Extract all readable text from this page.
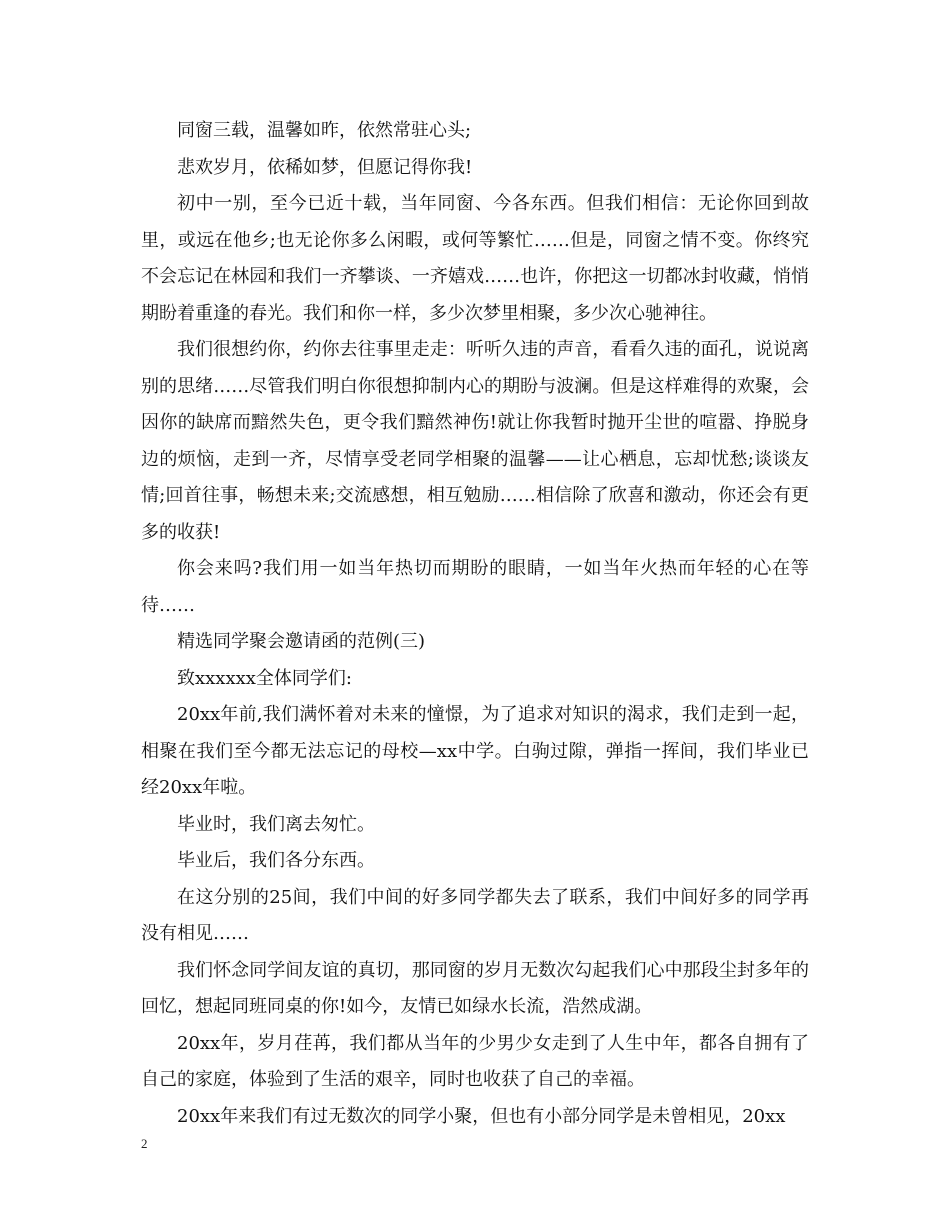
同窗三载，温馨如昨，依然常驻心头;

悲欢岁月，依稀如梦，但愿记得你我!

初中一别，至今已近十载，当年同窗、今各东西。但我们相信：无论你回到故里，或远在他乡;也无论你多么闲暇，或何等繁忙……但是，同窗之情不变。你终究不会忘记在林园和我们一齐攀谈、一齐嬉戏……也许，你把这一切都冰封收藏，悄悄期盼着重逢的春光。我们和你一样，多少次梦里相聚，多少次心驰神往。

我们很想约你，约你去往事里走走：听听久违的声音，看看久违的面孔，说说离别的思绪……尽管我们明白你很想抑制内心的期盼与波澜。但是这样难得的欢聚，会因你的缺席而黯然失色，更令我们黯然神伤!就让你我暂时抛开尘世的喧嚣、挣脱身边的烦恼，走到一齐，尽情享受老同学相聚的温馨——让心栖息，忘却忧愁;谈谈友情;回首往事，畅想未来;交流感想，相互勉励……相信除了欣喜和激动，你还会有更多的收获!

你会来吗?我们用一如当年热切而期盼的眼睛，一如当年火热而年轻的心在等待……

精选同学聚会邀请函的范例(三)

致xxxxxx全体同学们:

20xx年前,我们满怀着对未来的憧憬，为了追求对知识的渴求，我们走到一起，相聚在我们至今都无法忘记的母校—xx中学。白驹过隙，弹指一挥间，我们毕业已经20xx年啦。

毕业时，我们离去匆忙。

毕业后，我们各分东西。

在这分别的25间，我们中间的好多同学都失去了联系，我们中间好多的同学再没有相见……

我们怀念同学间友谊的真切，那同窗的岁月无数次勾起我们心中那段尘封多年的回忆，想起同班同桌的你!如今，友情已如绿水长流，浩然成湖。

20xx年，岁月荏苒，我们都从当年的少男少女走到了人生中年，都各自拥有了自己的家庭，体验到了生活的艰辛，同时也收获了自己的幸福。

20xx年来我们有过无数次的同学小聚，但也有小部分同学是未曾相见，20xx

2
